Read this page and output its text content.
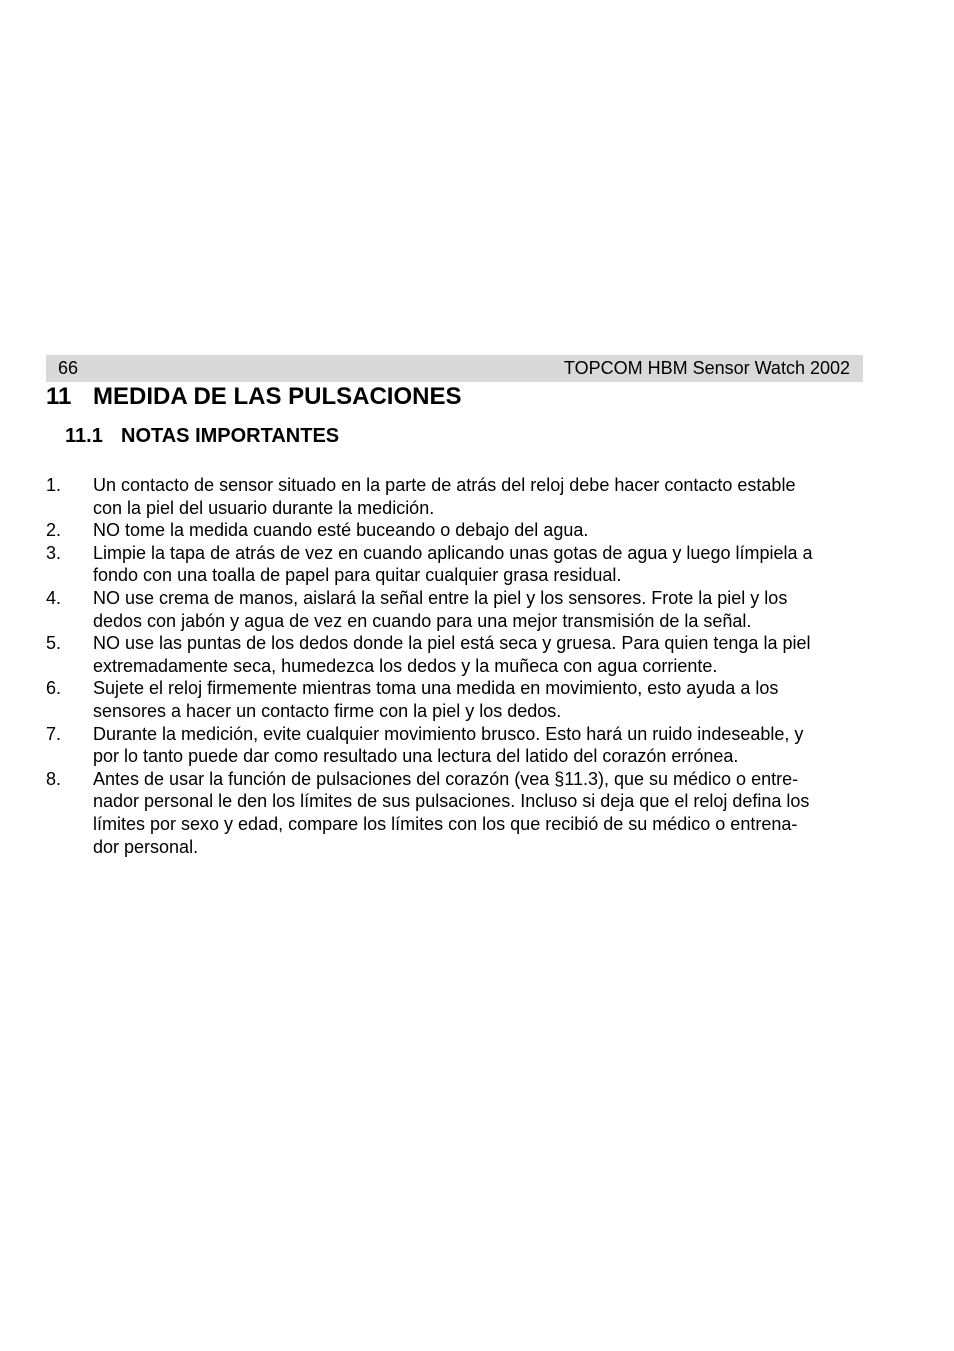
66	TOPCOM HBM Sensor Watch 2002
11 MEDIDA DE LAS PULSACIONES
11.1 NOTAS IMPORTANTES
1. Un contacto de sensor situado en la parte de atrás del reloj debe hacer contacto estable
con la piel del usuario durante la medición.
2. NO tome la medida cuando esté buceando o debajo del agua.
3. Limpie la tapa de atrás de vez en cuando aplicando unas gotas de agua y luego límpiela a
fondo con una toalla de papel para quitar cualquier grasa residual.
4. NO use crema de manos, aislará la señal entre la piel y los sensores. Frote la piel y los
dedos con jabón y agua de vez en cuando para una mejor transmisión de la señal.
5. NO use las puntas de los dedos donde la piel está seca y gruesa. Para quien tenga la piel
extremadamente seca, humedezca los dedos y la muñeca con agua corriente.
6. Sujete el reloj firmemente mientras toma una medida en movimiento, esto ayuda a los
sensores a hacer un contacto firme con la piel y los dedos.
7. Durante la medición, evite cualquier movimiento brusco. Esto hará un ruido indeseable, y
por lo tanto puede dar como resultado una lectura del latido del corazón errónea.
8. Antes de usar la función de pulsaciones del corazón (vea §11.3), que su médico o entre-
nador personal le den los límites de sus pulsaciones. Incluso si deja que el reloj defina los
límites por sexo y edad, compare los límites con los que recibió de su médico o entrena-
dor personal.
